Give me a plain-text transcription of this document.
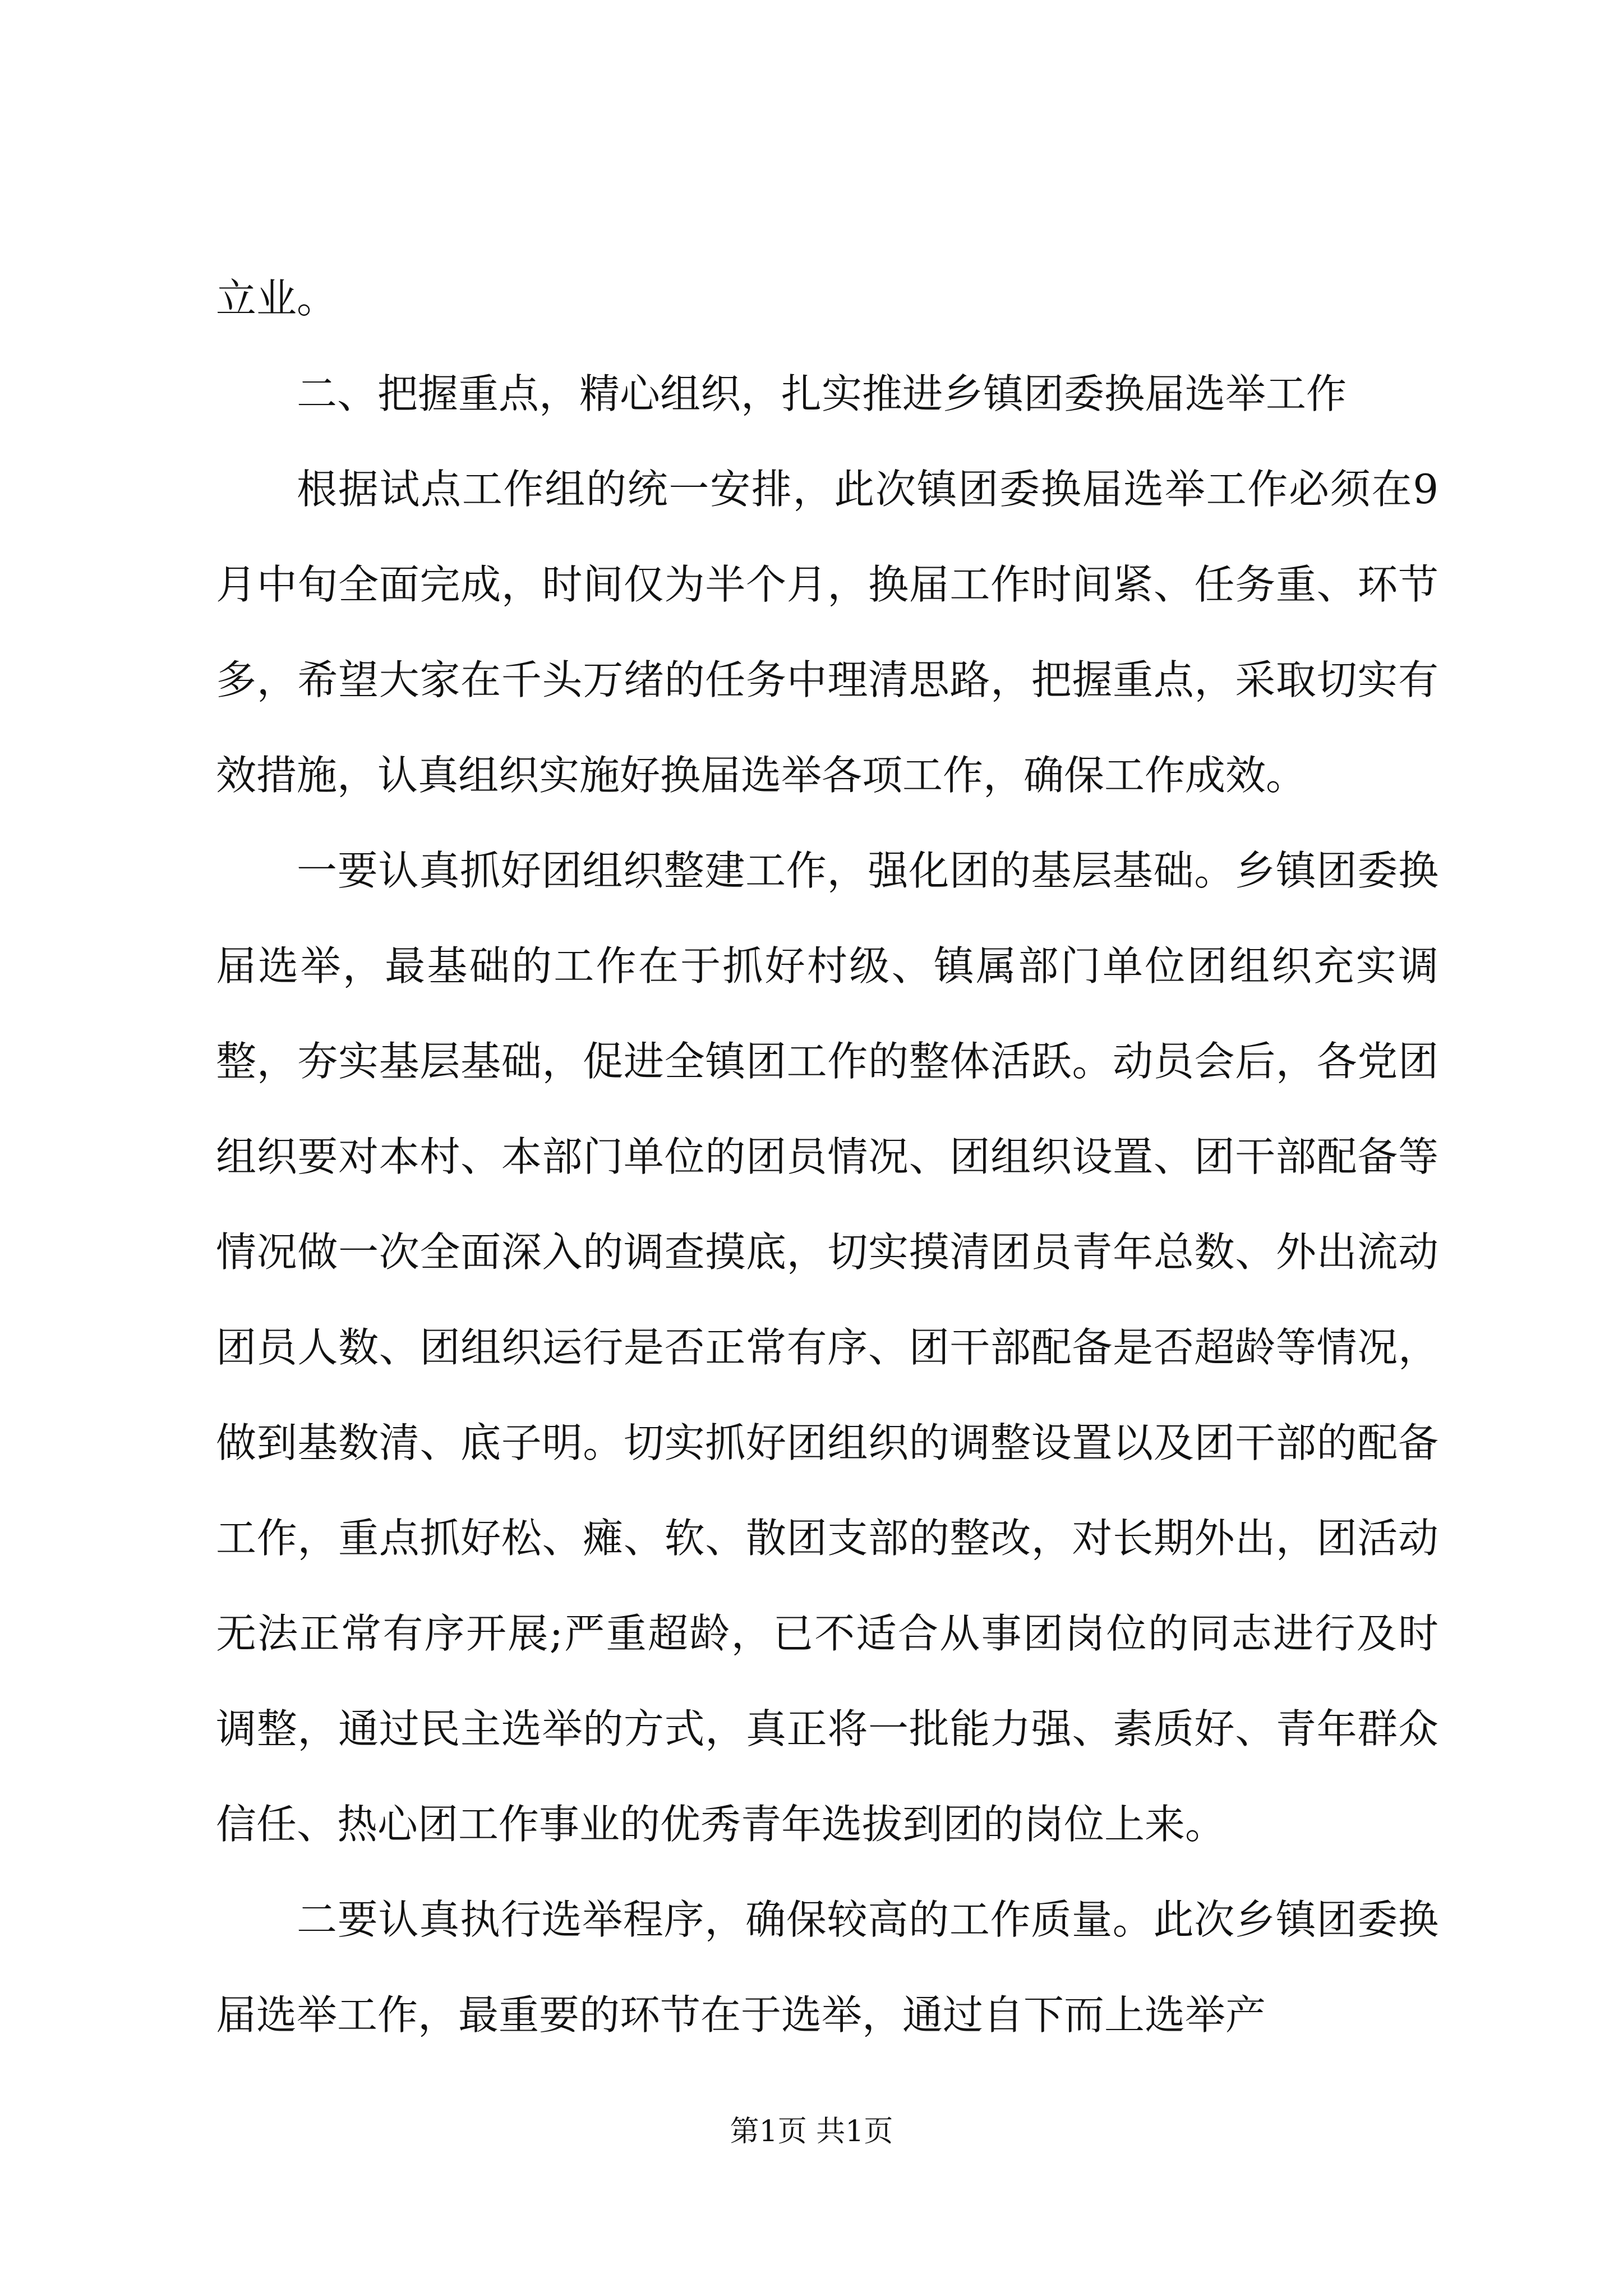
立业。

二、把握重点，精心组织，扎实推进乡镇团委换届选举工作

根据试点工作组的统一安排，此次镇团委换届选举工作必须在9月中旬全面完成，时间仅为半个月，换届工作时间紧、任务重、环节多，希望大家在千头万绪的任务中理清思路，把握重点，采取切实有效措施，认真组织实施好换届选举各项工作，确保工作成效。

一要认真抓好团组织整建工作，强化团的基层基础。乡镇团委换届选举，最基础的工作在于抓好村级、镇属部门单位团组织充实调整，夯实基层基础，促进全镇团工作的整体活跃。动员会后，各党团组织要对本村、本部门单位的团员情况、团组织设置、团干部配备等情况做一次全面深入的调查摸底，切实摸清团员青年总数、外出流动团员人数、团组织运行是否正常有序、团干部配备是否超龄等情况，做到基数清、底子明。切实抓好团组织的调整设置以及团干部的配备工作，重点抓好松、瘫、软、散团支部的整改，对长期外出，团活动无法正常有序开展;严重超龄，已不适合从事团岗位的同志进行及时调整，通过民主选举的方式，真正将一批能力强、素质好、青年群众信任、热心团工作事业的优秀青年选拔到团的岗位上来。

二要认真执行选举程序，确保较高的工作质量。此次乡镇团委换届选举工作，最重要的环节在于选举，通过自下而上选举产

第1页 共1页
